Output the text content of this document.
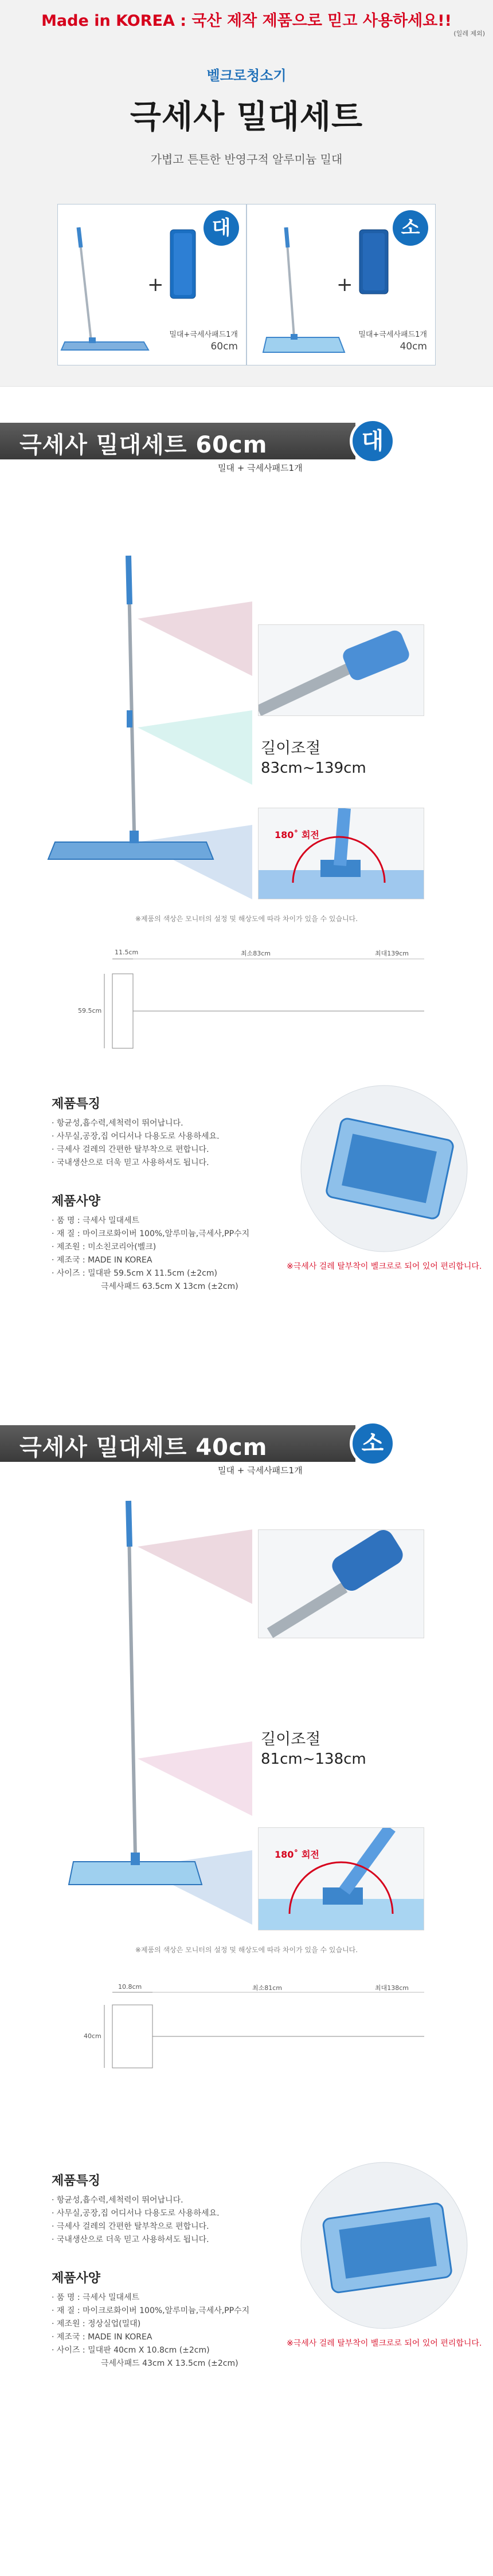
Made in KOREA : 국산 제작 제품으로 믿고 사용하세요!!
(일레 제외)
벨크로청소기
극세사 밀대세트
가볍고 튼튼한 반영구적 알루미늄 밀대
대
+
밀대+극세사패드1개
60cm
소
+
밀대+극세사패드1개
40cm
극세사 밀대세트 60cm	대
밀대 + 극세사패드1개
길이조절
83cm~139cm
180˚ 회전
※제품의 색상은 모니터의 설정 및 해상도에 따라 차이가 있을 수 있습니다.
11.5cm
59.5cm
최소83cm	최대139cm
제품특징
· 항균성,흡수력,세척력이 뛰어납니다.
· 사무실,공장,집 어디서나 다용도로 사용하세요.
· 극세사 걸레의 간편한 탈부착으로 편합니다.
· 국내생산으로 더욱 믿고 사용하셔도 됩니다.
제품사양
· 품 명 : 극세사 밀대세트
· 재 질 : 마이크로화이버 100%,알루미늄,극세사,PP수지
· 제조원 : 미소친코리아(벨크)
· 제조국 : MADE IN KOREA
· 사이즈 : 밀대판 59.5cm X 11.5cm (±2cm)
극세사패드 63.5cm X 13cm (±2cm)
※극세사 걸레 탈부착이 벨크로로 되어 있어 편리합니다.
극세사 밀대세트 40cm	소
밀대 + 극세사패드1개
길이조절
81cm~138cm
180˚ 회전
※제품의 색상은 모니터의 설정 및 해상도에 따라 차이가 있을 수 있습니다.
10.8cm
40cm
최소81cm	최대138cm
제품특징
· 항균성,흡수력,세척력이 뛰어납니다.
· 사무실,공장,집 어디서나 다용도로 사용하세요.
· 극세사 걸레의 간편한 탈부착으로 편합니다.
· 국내생산으로 더욱 믿고 사용하셔도 됩니다.
제품사양
· 품 명 : 극세사 밀대세트
· 재 질 : 마이크로화이버 100%,알루미늄,극세사,PP수지
· 제조원 : 정상실업(밀대)
· 제조국 : MADE IN KOREA
· 사이즈 : 밀대판 40cm X 10.8cm (±2cm)
극세사패드 43cm X 13.5cm (±2cm)
※극세사 걸레 탈부착이 벨크로로 되어 있어 편리합니다.
